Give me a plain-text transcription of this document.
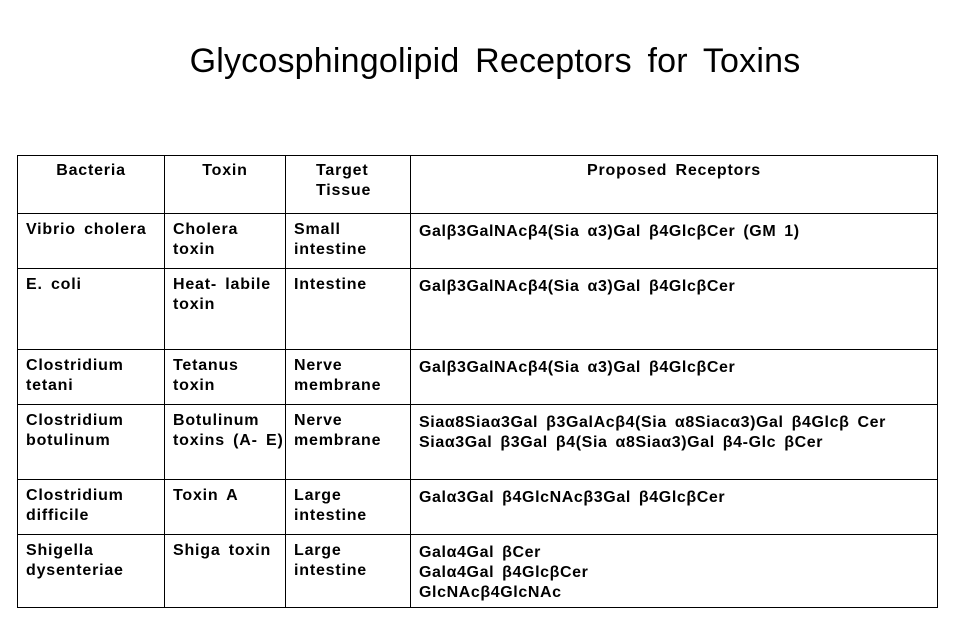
Glycosphingolipid Receptors for Toxins
Bacteria	Toxin	Target Tissue	Proposed Receptors
Vibrio cholera	Cholera toxin	Small intestine	Galβ3GalNAcβ4(Sia α3)Gal β4GlcβCer (GM 1)

E. coli	Heat- labile toxin	Intestine	Galβ3GalNAcβ4(Sia α3)Gal β4GlcβCer

Clostridium tetani	Tetanus toxin	Nerve membrane	Galβ3GalNAcβ4(Sia α3)Gal β4GlcβCer

Clostridium botulinum	Botulinum toxins (A- E)	Nerve membrane	Siaα8Siaα3Gal β3GalAcβ4(Sia α8Siacα3)Gal β4Glcβ Cer
Siaα3Gal β3Gal β4(Sia α8Siaα3)Gal β4-Glc βCer

Clostridium difficile	Toxin A	Large intestine	Galα3Gal β4GlcNAcβ3Gal β4GlcβCer

Shigella dysenteriae	Shiga toxin	Large intestine	Galα4Gal βCer
Galα4Gal β4GlcβCer
GlcNAcβ4GlcNAc
